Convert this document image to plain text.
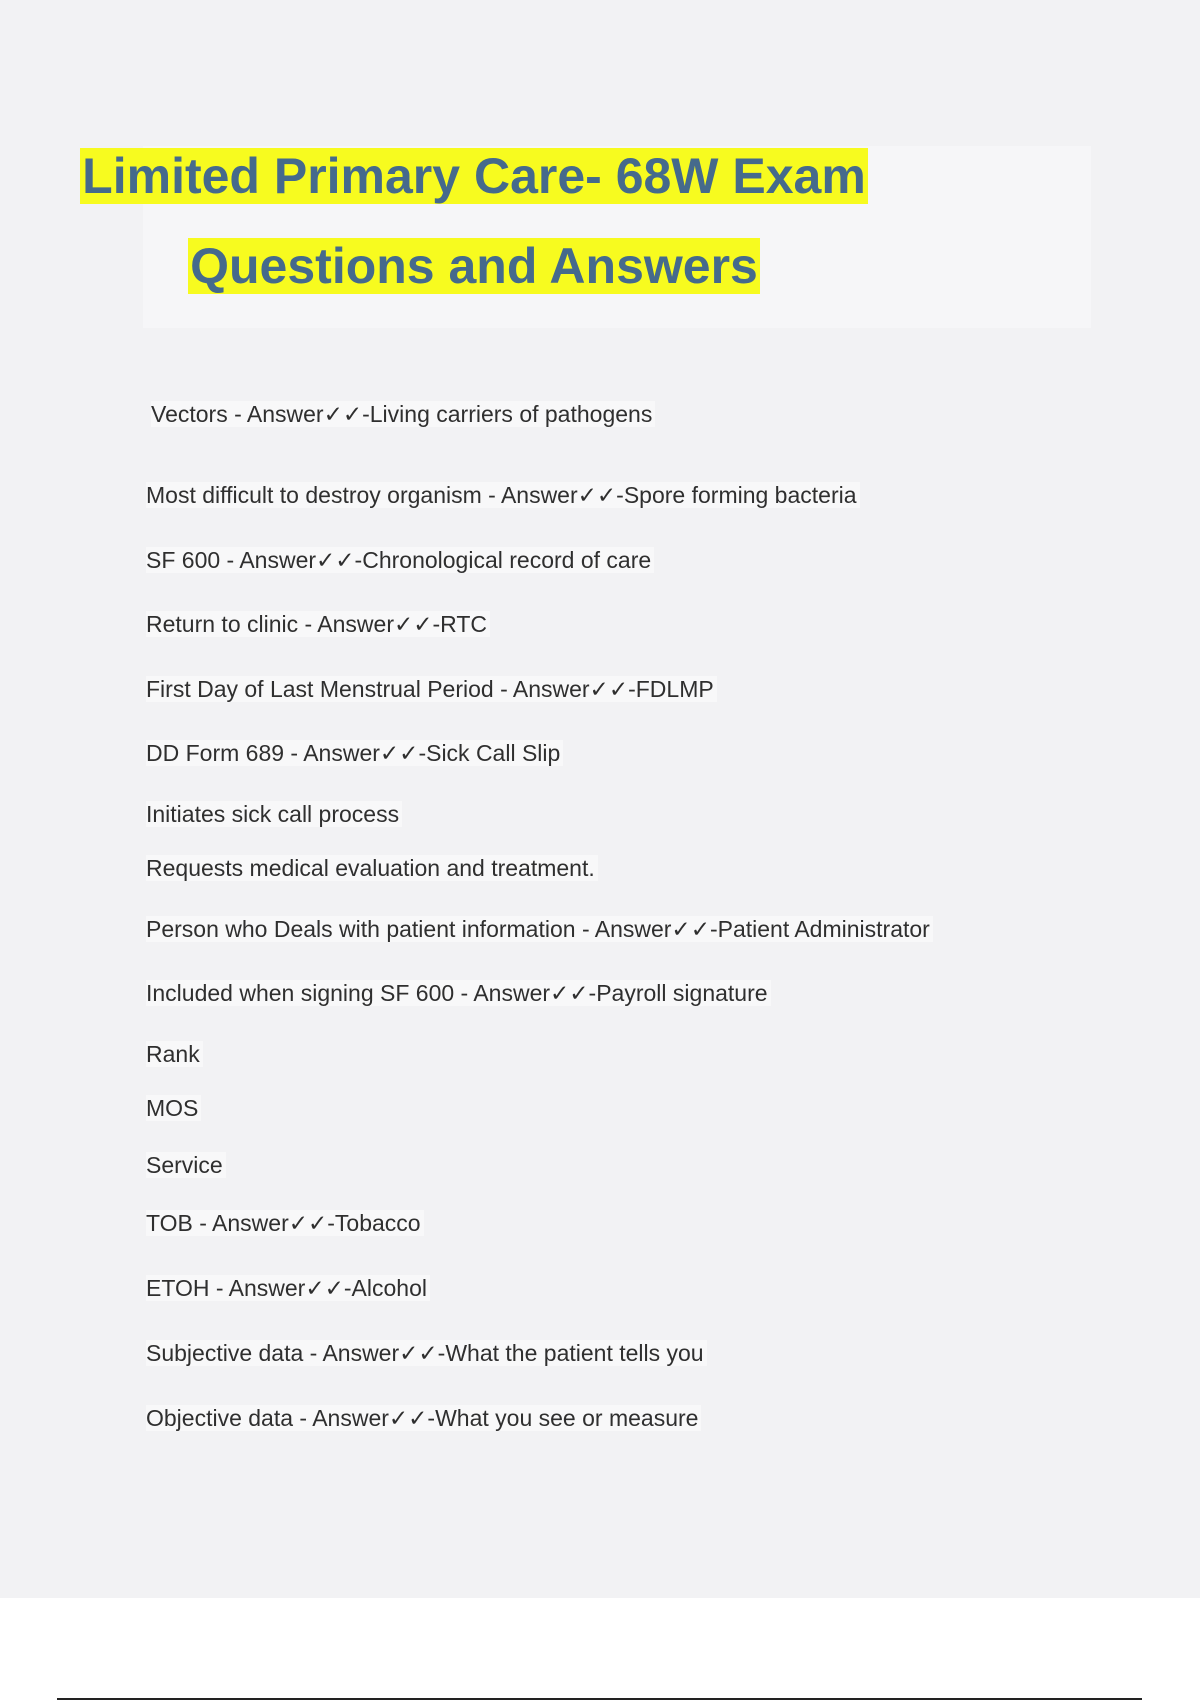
Limited Primary Care- 68W Exam
Questions and Answers
Vectors - Answer✓✓-Living carriers of pathogens
Most difficult to destroy organism - Answer✓✓-Spore forming bacteria
SF 600 - Answer✓✓-Chronological record of care
Return to clinic - Answer✓✓-RTC
First Day of Last Menstrual Period - Answer✓✓-FDLMP
DD Form 689 - Answer✓✓-Sick Call Slip
Initiates sick call process
Requests medical evaluation and treatment.
Person who Deals with patient information - Answer✓✓-Patient Administrator
Included when signing SF 600 - Answer✓✓-Payroll signature
Rank
MOS
Service
TOB - Answer✓✓-Tobacco
ETOH - Answer✓✓-Alcohol
Subjective data - Answer✓✓-What the patient tells you
Objective data - Answer✓✓-What you see or measure
